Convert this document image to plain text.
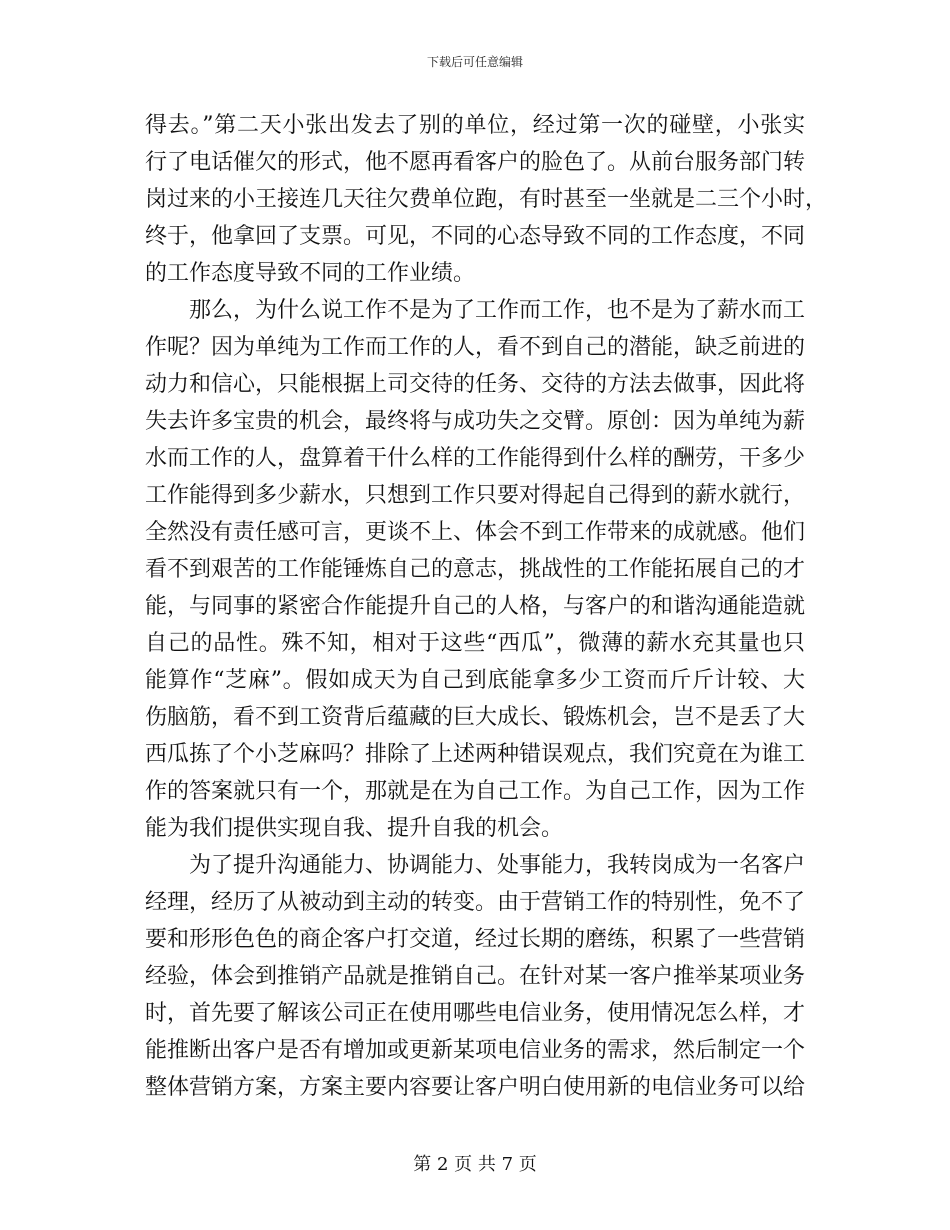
下载后可任意编辑
得去。”第二天小张出发去了别的单位，经过第一次的碰壁，小张实
行了电话催欠的形式，他不愿再看客户的脸色了。从前台服务部门转
岗过来的小王接连几天往欠费单位跑，有时甚至一坐就是二三个小时，
终于，他拿回了支票。可见，不同的心态导致不同的工作态度，不同
的工作态度导致不同的工作业绩。
那么，为什么说工作不是为了工作而工作，也不是为了薪水而工
作呢？因为单纯为工作而工作的人，看不到自己的潜能，缺乏前进的
动力和信心，只能根据上司交待的任务、交待的方法去做事，因此将
失去许多宝贵的机会，最终将与成功失之交臂。原创：因为单纯为薪
水而工作的人，盘算着干什么样的工作能得到什么样的酬劳，干多少
工作能得到多少薪水，只想到工作只要对得起自己得到的薪水就行，
全然没有责任感可言，更谈不上、体会不到工作带来的成就感。他们
看不到艰苦的工作能锤炼自己的意志，挑战性的工作能拓展自己的才
能，与同事的紧密合作能提升自己的人格，与客户的和谐沟通能造就
自己的品性。殊不知，相对于这些“西瓜”，微薄的薪水充其量也只
能算作“芝麻”。假如成天为自己到底能拿多少工资而斤斤计较、大
伤脑筋，看不到工资背后蕴藏的巨大成长、锻炼机会，岂不是丢了大
西瓜拣了个小芝麻吗？排除了上述两种错误观点，我们究竟在为谁工
作的答案就只有一个，那就是在为自己工作。为自己工作，因为工作
能为我们提供实现自我、提升自我的机会。
为了提升沟通能力、协调能力、处事能力，我转岗成为一名客户
经理，经历了从被动到主动的转变。由于营销工作的特别性，免不了
要和形形色色的商企客户打交道，经过长期的磨练，积累了一些营销
经验，体会到推销产品就是推销自己。在针对某一客户推举某项业务
时，首先要了解该公司正在使用哪些电信业务，使用情况怎么样，才
能推断出客户是否有增加或更新某项电信业务的需求，然后制定一个
整体营销方案，方案主要内容要让客户明白使用新的电信业务可以给
第 2 页 共 7 页
